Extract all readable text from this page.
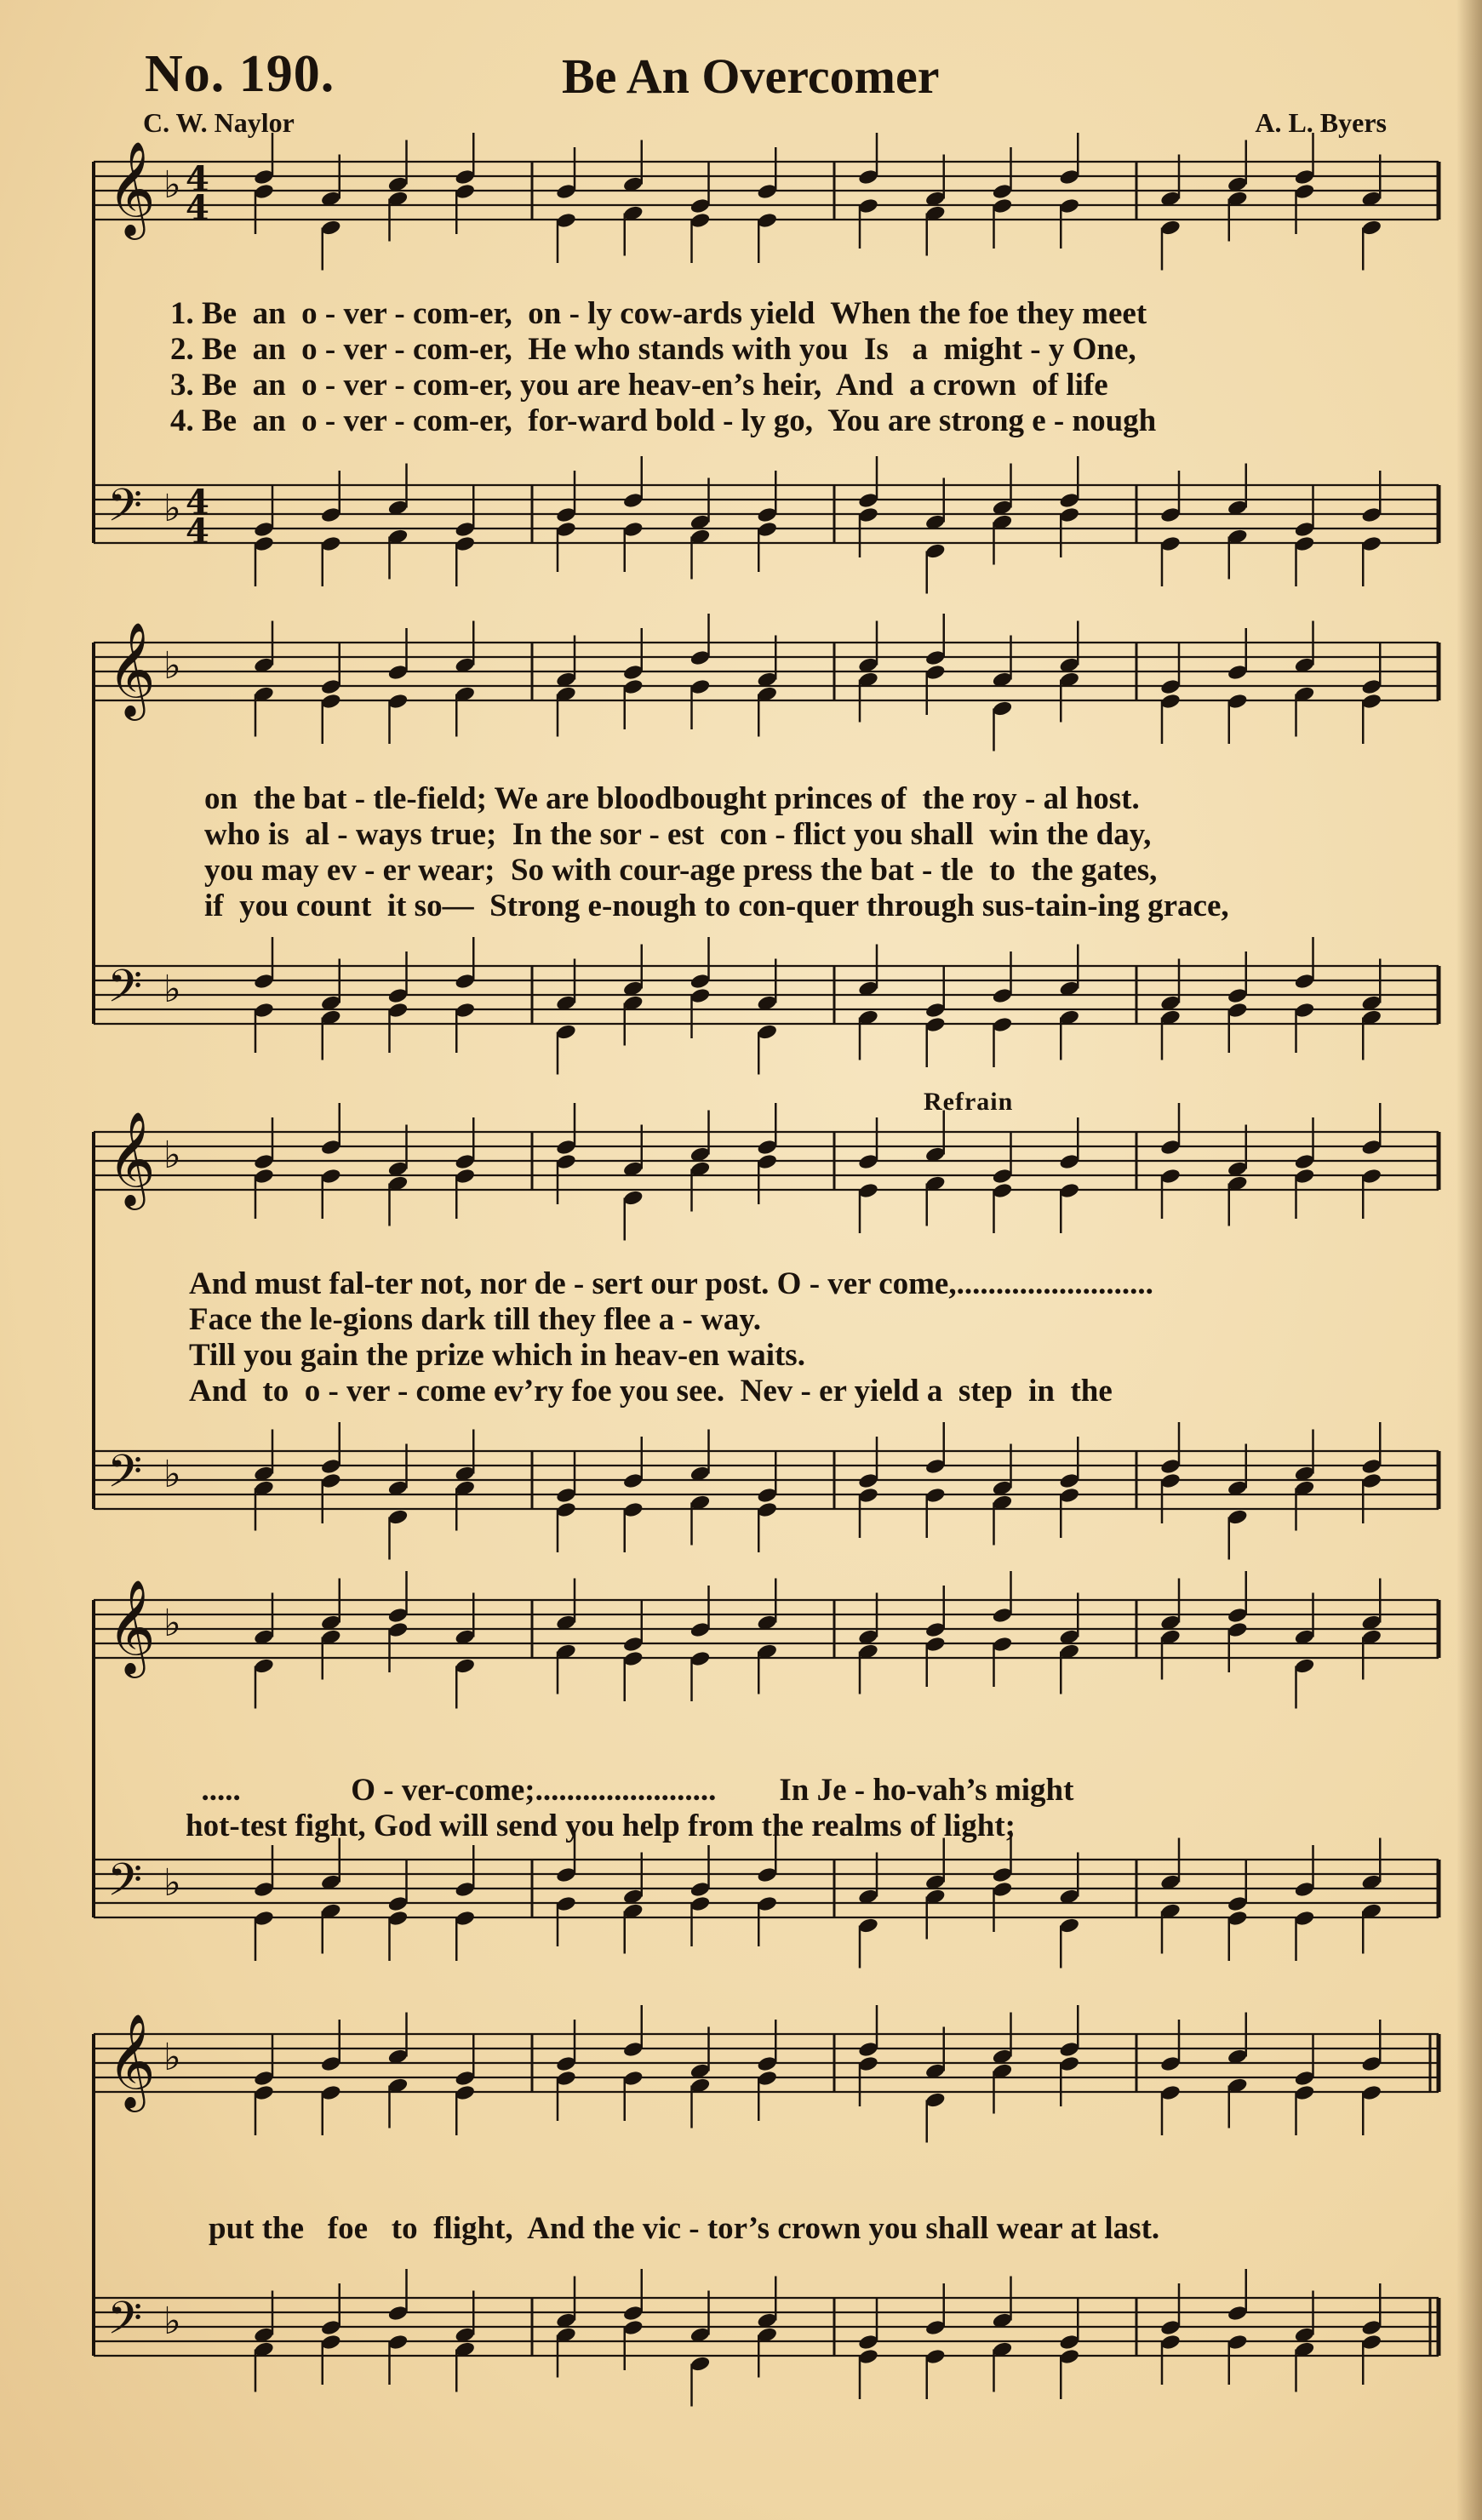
No. 190.	Be An Overcomer
C. W. Naylor	A. L. Byers
𝄞 ♭ 4
4
𝄢 ♭ 4
4
1. Be  an  o - ver - com-er,  on - ly cow-ards yield  When the foe they meet
2. Be  an  o - ver - com-er,  He who stands with you  Is   a  might - y One,
3. Be  an  o - ver - com-er, you are heav-en’s heir,  And  a crown  of life
4. Be  an  o - ver - com-er,  for-ward bold - ly go,  You are strong e - nough
𝄞 ♭
𝄢 ♭
on  the bat - tle-field; We are bloodbought princes of  the roy - al host.
who is  al - ways true;  In the sor - est  con - flict you shall  win the day,
you may ev - er wear;  So with cour-age press the bat - tle  to  the gates,
if  you count  it so—  Strong e-nough to con-quer through sus-tain-ing grace,
Refrain
𝄞 ♭
𝄢 ♭
And must fal-ter not, nor de - sert our post. O - ver come,.........................
Face the le-gions dark till they flee a - way.
Till you gain the prize which in heav-en waits.
And  to  o - ver - come ev’ry foe you see.  Nev - er yield a  step  in  the
𝄞 ♭
𝄢 ♭
.....              O - ver-come;.......................        In Je - ho-vah’s might
hot-test fight, God will send you help from the realms of light;
𝄞 ♭
𝄢 ♭
put the   foe   to  flight,  And the vic - tor’s crown you shall wear at last.
